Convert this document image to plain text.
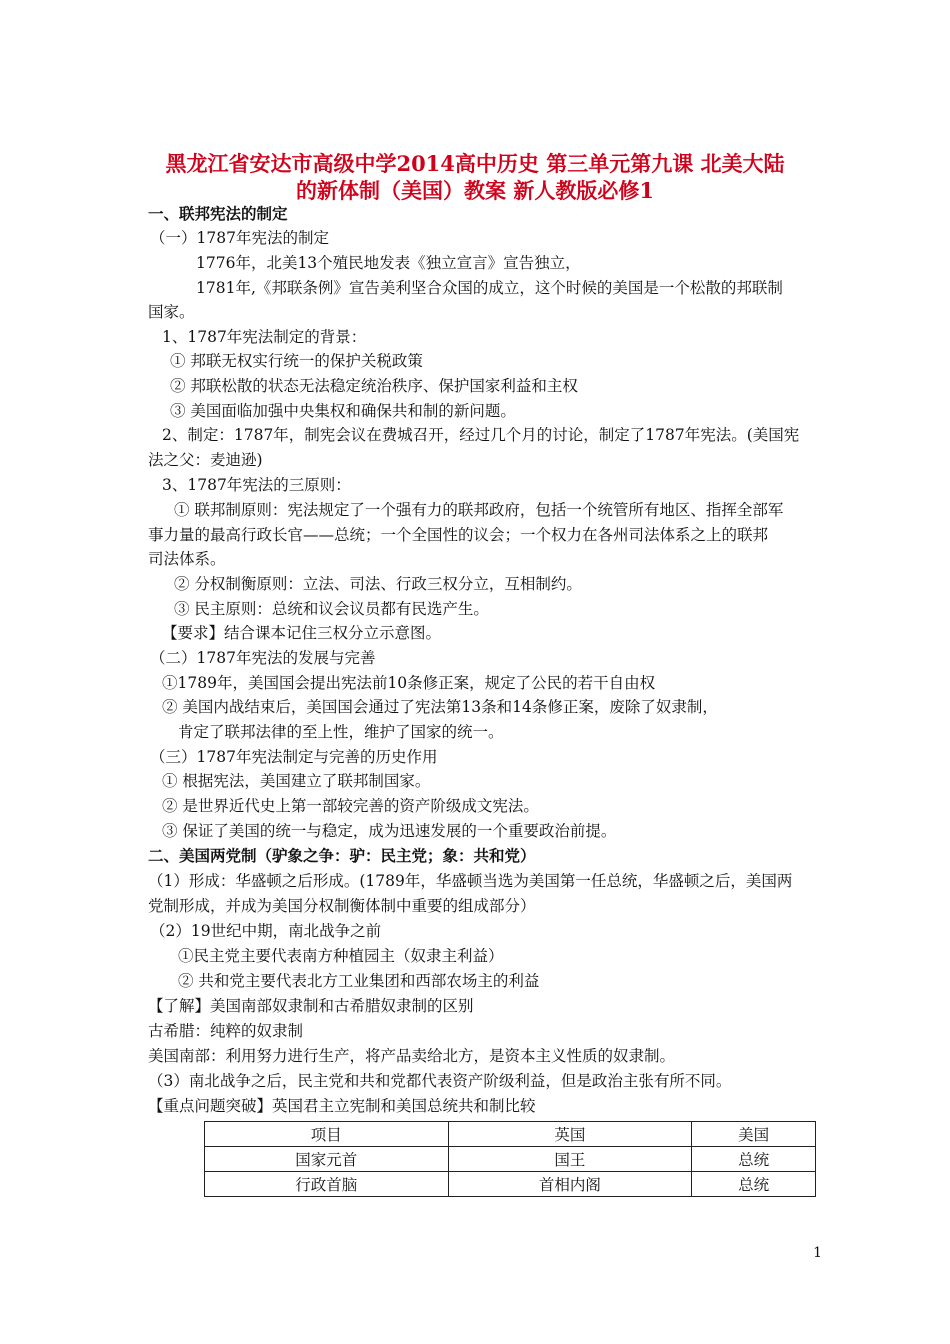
黑龙江省安达市高级中学2014高中历史 第三单元第九课 北美大陆
的新体制（美国）教案 新人教版必修1
一、联邦宪法的制定
（一）1787年宪法的制定
1776年，北美13个殖民地发表《独立宣言》宣告独立，
1781年,《邦联条例》宣告美利坚合众国的成立，这个时候的美国是一个松散的邦联制
国家。
1、1787年宪法制定的背景：
① 邦联无权实行统一的保护关税政策
② 邦联松散的状态无法稳定统治秩序、保护国家利益和主权
③ 美国面临加强中央集权和确保共和制的新问题。
2、制定：1787年，制宪会议在费城召开，经过几个月的讨论，制定了1787年宪法。(美国宪
法之父：麦迪逊)
3、1787年宪法的三原则：
① 联邦制原则：宪法规定了一个强有力的联邦政府，包括一个统管所有地区、指挥全部军
事力量的最高行政长官——总统；一个全国性的议会；一个权力在各州司法体系之上的联邦
司法体系。
② 分权制衡原则：立法、司法、行政三权分立，互相制约。
③ 民主原则：总统和议会议员都有民选产生。
【要求】结合课本记住三权分立示意图。
（二）1787年宪法的发展与完善
①1789年，美国国会提出宪法前10条修正案，规定了公民的若干自由权
② 美国内战结束后，美国国会通过了宪法第13条和14条修正案，废除了奴隶制，
肯定了联邦法律的至上性，维护了国家的统一。
（三）1787年宪法制定与完善的历史作用
① 根据宪法，美国建立了联邦制国家。
② 是世界近代史上第一部较完善的资产阶级成文宪法。
③ 保证了美国的统一与稳定，成为迅速发展的一个重要政治前提。
二、美国两党制（驴象之争：驴：民主党；象：共和党）
（1）形成：华盛顿之后形成。(1789年，华盛顿当选为美国第一任总统，华盛顿之后，美国两
党制形成，并成为美国分权制衡体制中重要的组成部分）
（2）19世纪中期，南北战争之前
①民主党主要代表南方种植园主（奴隶主利益）
② 共和党主要代表北方工业集团和西部农场主的利益
【了解】美国南部奴隶制和古希腊奴隶制的区别
古希腊：纯粹的奴隶制
美国南部：利用努力进行生产，将产品卖给北方，是资本主义性质的奴隶制。
（3）南北战争之后，民主党和共和党都代表资产阶级利益，但是政治主张有所不同。
【重点问题突破】英国君主立宪制和美国总统共和制比较
项目	英国	美国
国家元首	国王	总统
行政首脑	首相内阁	总统
1
